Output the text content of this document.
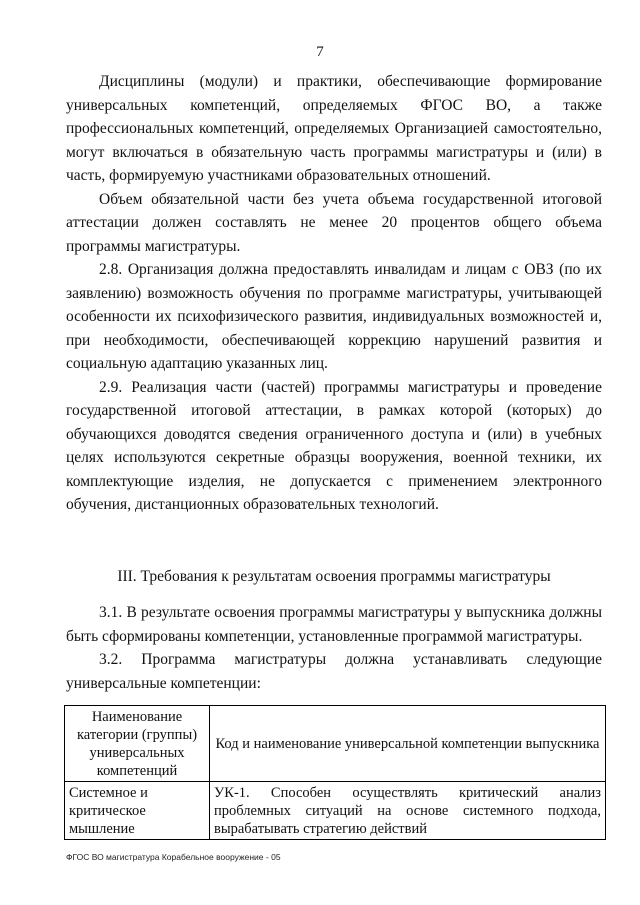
7

Дисциплины (модули) и практики, обеспечивающие формирование универсальных компетенций, определяемых ФГОС ВО, а также профессиональных компетенций, определяемых Организацией самостоятельно, могут включаться в обязательную часть программы магистратуры и (или) в часть, формируемую участниками образовательных отношений.

Объем обязательной части без учета объема государственной итоговой аттестации должен составлять не менее 20 процентов общего объема программы магистратуры.

2.8. Организация должна предоставлять инвалидам и лицам с ОВЗ (по их заявлению) возможность обучения по программе магистратуры, учитывающей особенности их психофизического развития, индивидуальных возможностей и, при необходимости, обеспечивающей коррекцию нарушений развития и социальную адаптацию указанных лиц.

2.9. Реализация части (частей) программы магистратуры и проведение государственной итоговой аттестации, в рамках которой (которых) до обучающихся доводятся сведения ограниченного доступа и (или) в учебных целях используются секретные образцы вооружения, военной техники, их комплектующие изделия, не допускается с применением электронного обучения, дистанционных образовательных технологий.

III. Требования к результатам освоения программы магистратуры

3.1. В результате освоения программы магистратуры у выпускника должны быть сформированы компетенции, установленные программой магистратуры.

3.2. Программа магистратуры должна устанавливать следующие универсальные компетенции:

Наименование категории (группы) универсальных компетенций	Код и наименование универсальной компетенции выпускника
Системное и критическое мышление	УК-1. Способен осуществлять критический анализ проблемных ситуаций на основе системного подхода, вырабатывать стратегию действий
ФГОС ВО магистратура Корабельное вооружение - 05
